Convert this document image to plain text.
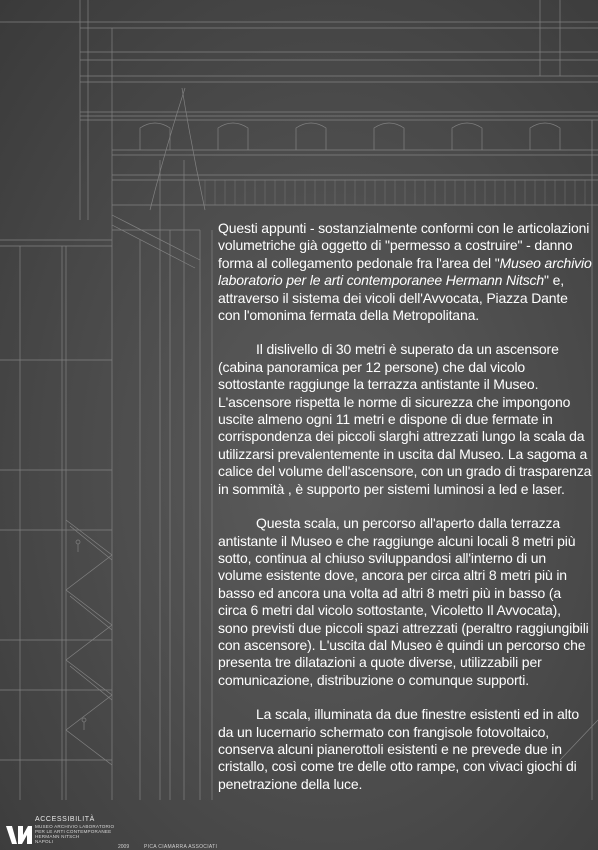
Questi appunti - sostanzialmente conformi con le articolazioni volumetriche già oggetto di "permesso a costruire" - danno forma al collegamento pedonale fra l'area del "Museo archivio laboratorio per le arti contemporanee Hermann Nitsch" e, attraverso il sistema dei vicoli dell'Avvocata, Piazza Dante con l'omonima fermata della Metropolitana.

Il dislivello di 30 metri è superato da un ascensore (cabina panoramica per 12 persone) che dal vicolo sottostante raggiunge la terrazza antistante il Museo. L'ascensore rispetta le norme di sicurezza che impongono uscite almeno ogni 11 metri e dispone di due fermate in corrispondenza dei piccoli slarghi attrezzati lungo la scala da utilizzarsi prevalentemente in uscita dal Museo. La sagoma a calice del volume dell'ascensore, con un grado di trasparenza in sommità , è supporto per sistemi luminosi a led e laser.

Questa scala, un percorso all'aperto dalla terrazza antistante il Museo e che raggiunge alcuni locali 8 metri più sotto, continua al chiuso sviluppandosi all'interno di un volume esistente dove, ancora per circa altri 8 metri più in basso ed ancora una volta ad altri 8 metri più in basso (a circa 6 metri dal vicolo sottostante, Vicoletto Il Avvocata), sono previsti due piccoli spazi attrezzati (peraltro raggiungibili con ascensore). L'uscita dal Museo è quindi un percorso che presenta tre dilatazioni a quote diverse, utilizzabili per comunicazione, distribuzione o comunque supporti.

La scala, illuminata da due finestre esistenti ed in alto da un lucernario schermato con frangisole fotovoltaico, conserva alcuni pianerottoli esistenti e ne prevede due in cristallo, così come tre delle otto rampe, con vivaci giochi di penetrazione della luce.

ACCESSIBILITÀ
MUSEO ARCHIVIO LABORATORIO
PER LE ARTI CONTEMPORANEE
HERMANN NITSCH
NAPOLI
2009	PICA CIAMARRA ASSOCIATI
